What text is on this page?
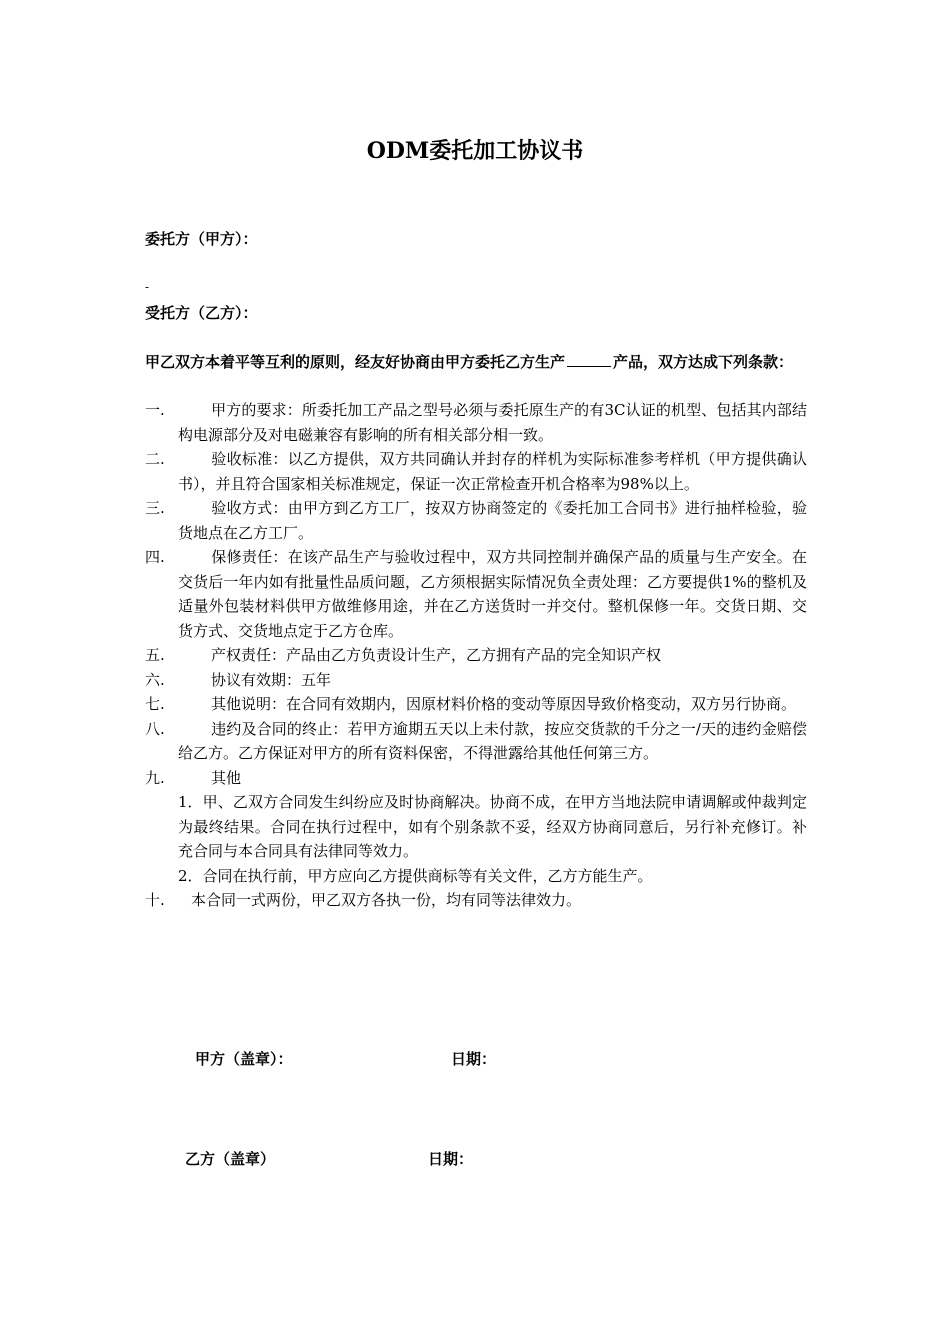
ODM委托加工协议书
委托方（甲方）：
-
受托方（乙方）：
甲乙双方本着平等互利的原则，经友好协商由甲方委托乙方生产	产品，双方达成下列条款：
一.	甲方的要求：所委托加工产品之型号必须与委托原生产的有3C认证的机型、包括其内部结构电源部分及对电磁兼容有影响的所有相关部分相一致。
二.	验收标准：以乙方提供，双方共同确认并封存的样机为实际标准参考样机（甲方提供确认书），并且符合国家相关标准规定，保证一次正常检查开机合格率为98%以上。
三.	验收方式：由甲方到乙方工厂，按双方协商签定的《委托加工合同书》进行抽样检验，验货地点在乙方工厂。
四.	保修责任：在该产品生产与验收过程中，双方共同控制并确保产品的质量与生产安全。在交货后一年内如有批量性品质问题，乙方须根据实际情况负全责处理：乙方要提供1%的整机及适量外包装材料供甲方做维修用途，并在乙方送货时一并交付。整机保修一年。交货日期、交货方式、交货地点定于乙方仓库。
五.	产权责任：产品由乙方负责设计生产，乙方拥有产品的完全知识产权
六.	协议有效期：五年
七.	其他说明：在合同有效期内，因原材料价格的变动等原因导致价格变动，双方另行协商。
八.	违约及合同的终止：若甲方逾期五天以上未付款，按应交货款的千分之一/天的违约金赔偿给乙方。乙方保证对甲方的所有资料保密，不得泄露给其他任何第三方。
九.	其他
1．甲、乙双方合同发生纠纷应及时协商解决。协商不成，在甲方当地法院申请调解或仲裁判定为最终结果。合同在执行过程中，如有个别条款不妥，经双方协商同意后，另行补充修订。补充合同与本合同具有法律同等效力。
2．合同在执行前，甲方应向乙方提供商标等有关文件，乙方方能生产。
十. 本合同一式两份，甲乙双方各执一份，均有同等法律效力。
甲方（盖章）：	日期：
乙方（盖章）	日期：
